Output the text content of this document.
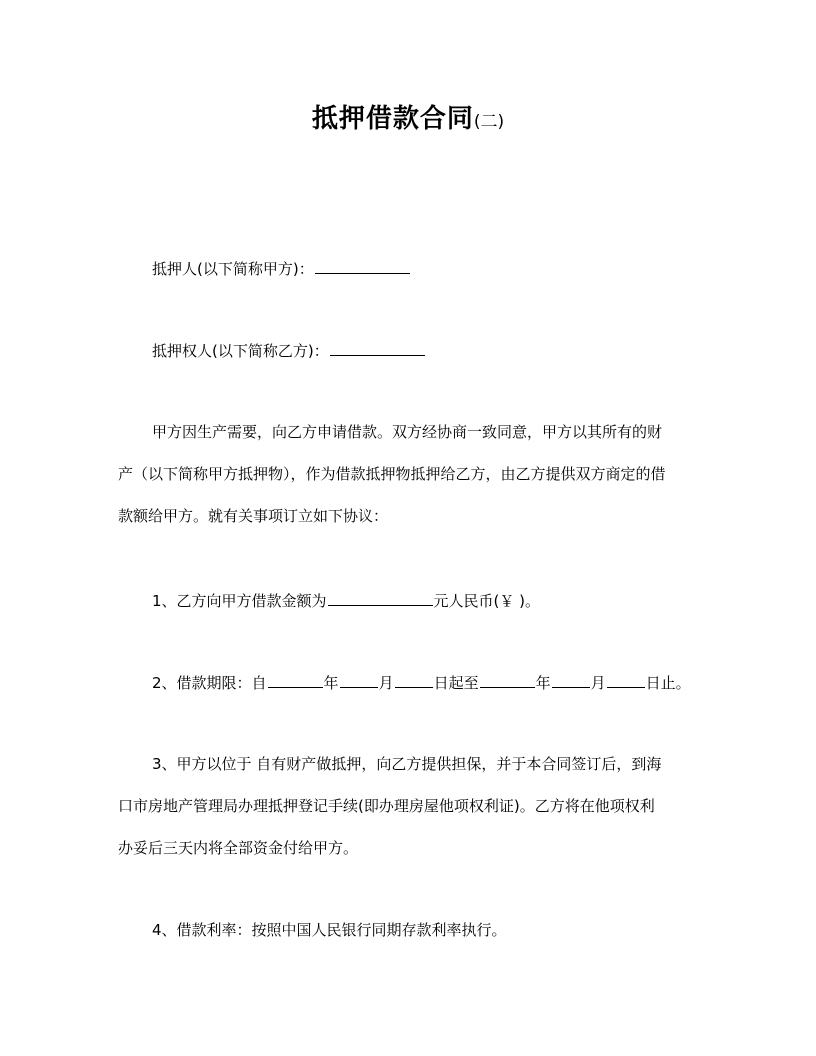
抵押借款合同(二)
抵押人(以下简称甲方)：
抵押权人(以下简称乙方)：
甲方因生产需要，向乙方申请借款。双方经协商一致同意，甲方以其所有的财
产（以下简称甲方抵押物），作为借款抵押物抵押给乙方，由乙方提供双方商定的借
款额给甲方。就有关事项订立如下协议：
1、乙方向甲方借款金额为	元人民币(￥ )。
2、借款期限：自	年	月	日起至	年	月	日止。
3、甲方以位于 自有财产做抵押，向乙方提供担保，并于本合同签订后，到海
口市房地产管理局办理抵押登记手续(即办理房屋他项权利证)。乙方将在他项权利
办妥后三天内将全部资金付给甲方。
4、借款利率：按照中国人民银行同期存款利率执行。
